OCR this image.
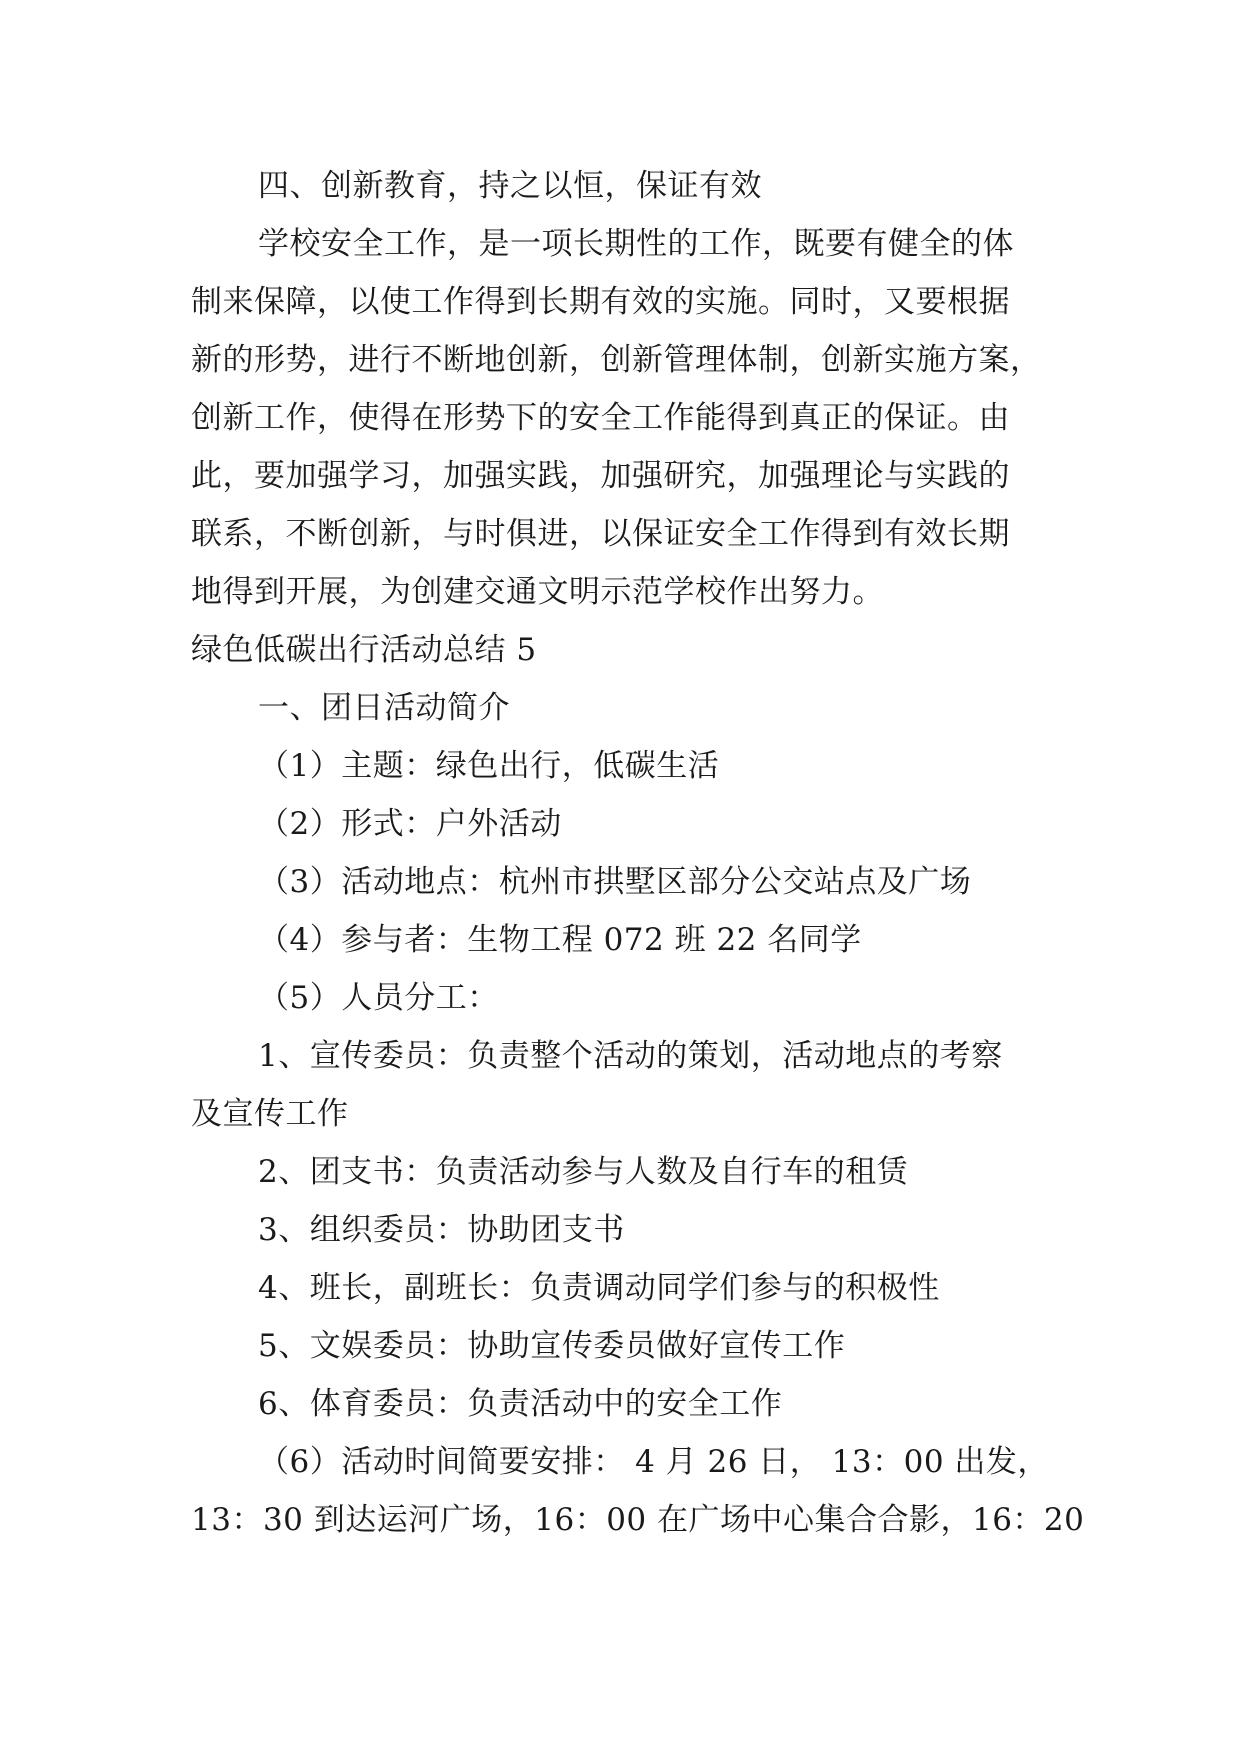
四、创新教育，持之以恒，保证有效
学校安全工作，是一项长期性的工作，既要有健全的体
制来保障，以使工作得到长期有效的实施。同时，又要根据
新的形势，进行不断地创新，创新管理体制，创新实施方案，
创新工作，使得在形势下的安全工作能得到真正的保证。由
此，要加强学习，加强实践，加强研究，加强理论与实践的
联系，不断创新，与时俱进，以保证安全工作得到有效长期
地得到开展，为创建交通文明示范学校作出努力。
绿色低碳出行活动总结 5
一、团日活动简介
（1）主题：绿色出行，低碳生活
（2）形式：户外活动
（3）活动地点：杭州市拱墅区部分公交站点及广场
（4）参与者：生物工程 072 班 22 名同学
（5）人员分工：
1、宣传委员：负责整个活动的策划，活动地点的考察
及宣传工作
2、团支书：负责活动参与人数及自行车的租赁
3、组织委员：协助团支书
4、班长，副班长：负责调动同学们参与的积极性
5、文娱委员：协助宣传委员做好宣传工作
6、体育委员：负责活动中的安全工作
（6）活动时间简要安排： 4 月 26 日， 13：00 出发，
13：30 到达运河广场，16：00 在广场中心集合合影，16：20
